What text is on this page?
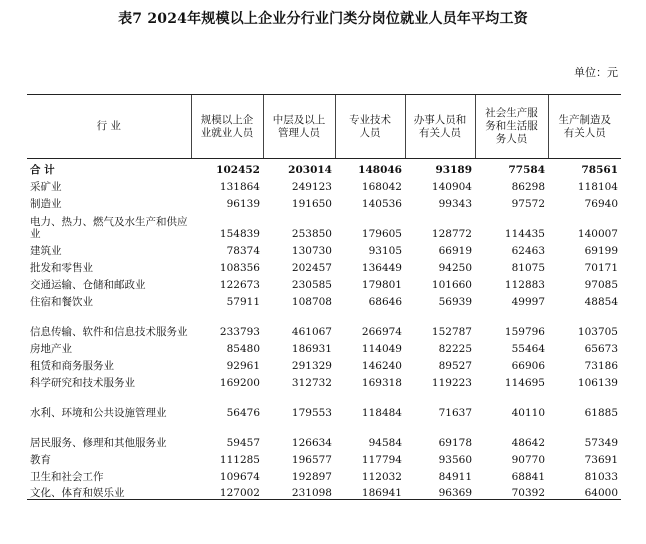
表7 2024年规模以上企业分行业门类分岗位就业人员年平均工资
单位：元
行 业	规模以上企业就业人员	中层及以上管理人员	专业技术人员	办事人员和有关人员	社会生产服务和生活服务人员	生产制造及有关人员
合 计	102452	203014	148046	93189	77584	78561
采矿业	131864	249123	168042	140904	86298	118104
制造业	96139	191650	140536	99343	97572	76940
电力、热力、燃气及水生产和供应业	154839	253850	179605	128772	114435	140007
建筑业	78374	130730	93105	66919	62463	69199
批发和零售业	108356	202457	136449	94250	81075	70171
交通运输、仓储和邮政业	122673	230585	179801	101660	112883	97085
住宿和餐饮业	57911	108708	68646	56939	49997	48854
信息传输、软件和信息技术服务业	233793	461067	266974	152787	159796	103705
房地产业	85480	186931	114049	82225	55464	65673
租赁和商务服务业	92961	291329	146240	89527	66906	73186
科学研究和技术服务业	169200	312732	169318	119223	114695	106139
水利、环境和公共设施管理业	56476	179553	118484	71637	40110	61885
居民服务、修理和其他服务业	59457	126634	94584	69178	48642	57349
教育	111285	196577	117794	93560	90770	73691
卫生和社会工作	109674	192897	112032	84911	68841	81033
文化、体育和娱乐业	127002	231098	186941	96369	70392	64000
